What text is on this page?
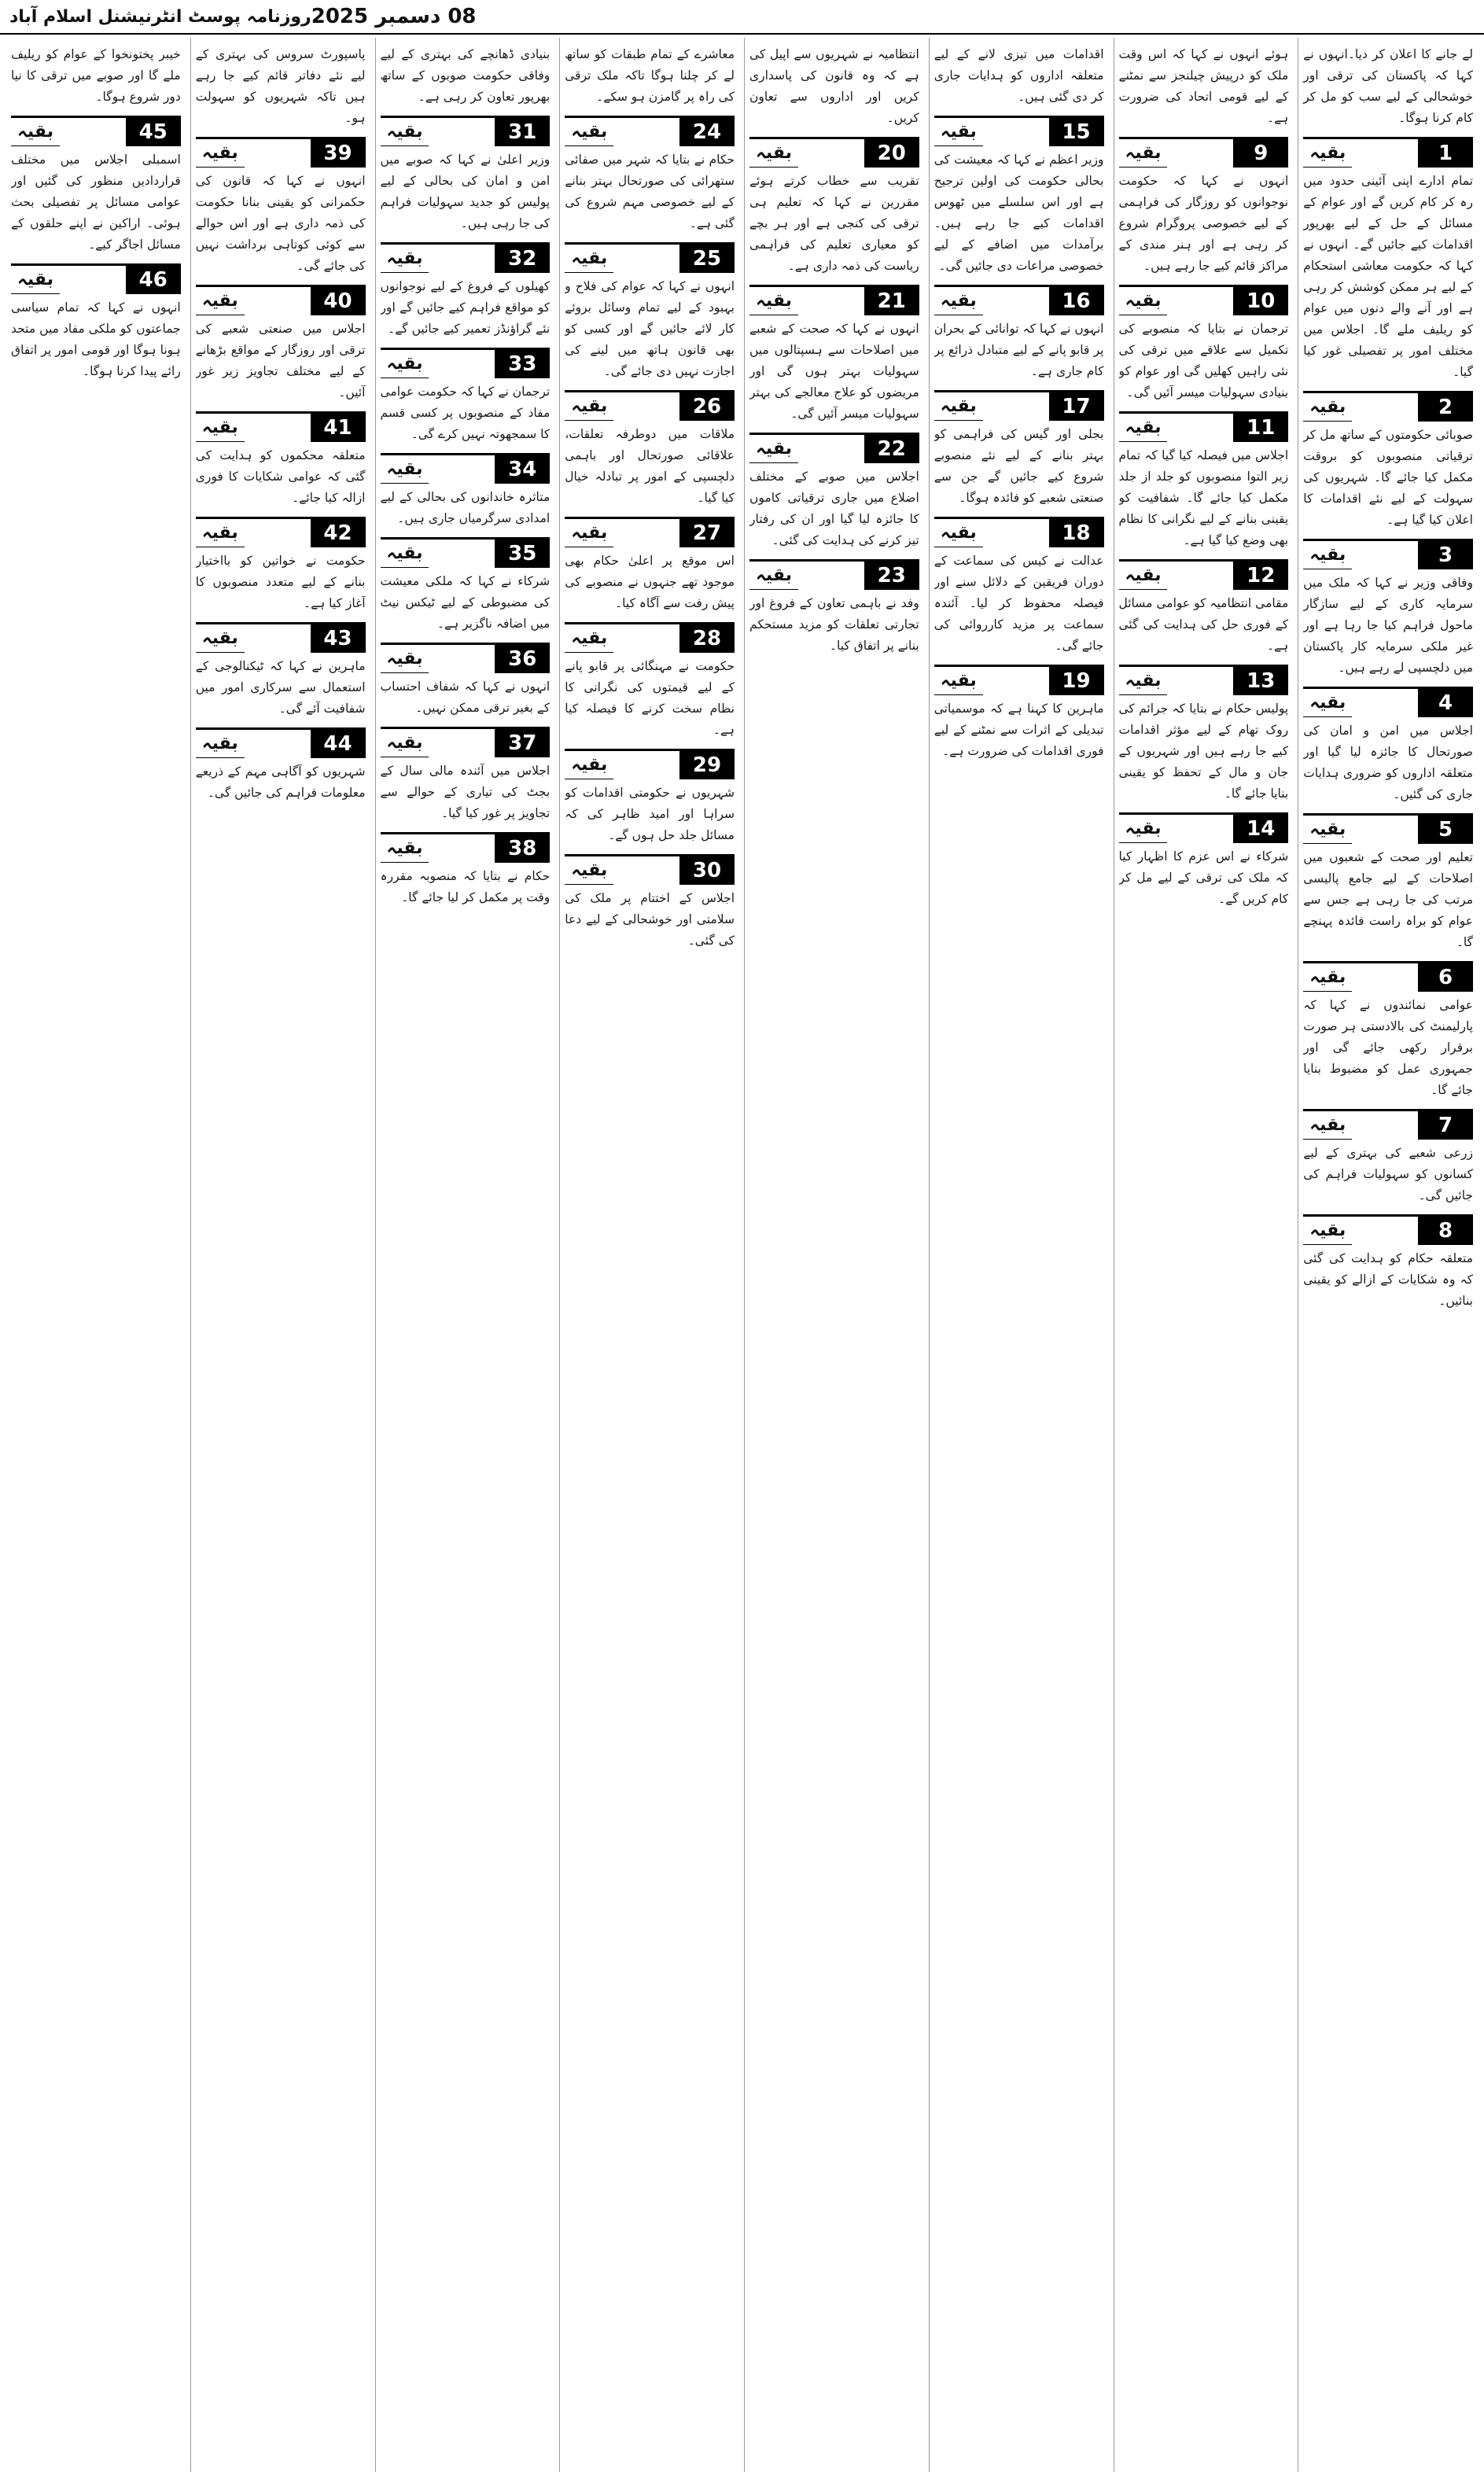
روزنامہ پوسٹ انٹرنیشنل اسلام آباد 08 دسمبر 2025
لے جانے کا اعلان کر دیا۔انہوں نے کہا کہ پاکستان کی ترقی اور خوشحالی کے لیے سب کو مل کر کام کرنا ہوگا۔
بقیہ	1
تمام ادارے اپنی آئینی حدود میں رہ کر کام کریں گے اور عوام کے مسائل کے حل کے لیے بھرپور اقدامات کیے جائیں گے۔ انہوں نے کہا کہ حکومت معاشی استحکام کے لیے ہر ممکن کوشش کر رہی ہے اور آنے والے دنوں میں عوام کو ریلیف ملے گا۔ اجلاس میں مختلف امور پر تفصیلی غور کیا گیا۔
بقیہ	2
صوبائی حکومتوں کے ساتھ مل کر ترقیاتی منصوبوں کو بروقت مکمل کیا جائے گا۔ شہریوں کی سہولت کے لیے نئے اقدامات کا اعلان کیا گیا ہے۔
بقیہ	3
وفاقی وزیر نے کہا کہ ملک میں سرمایہ کاری کے لیے سازگار ماحول فراہم کیا جا رہا ہے اور غیر ملکی سرمایہ کار پاکستان میں دلچسپی لے رہے ہیں۔
بقیہ	4
اجلاس میں امن و امان کی صورتحال کا جائزہ لیا گیا اور متعلقہ اداروں کو ضروری ہدایات جاری کی گئیں۔
بقیہ	5
تعلیم اور صحت کے شعبوں میں اصلاحات کے لیے جامع پالیسی مرتب کی جا رہی ہے جس سے عوام کو براہ راست فائدہ پہنچے گا۔
بقیہ	6
عوامی نمائندوں نے کہا کہ پارلیمنٹ کی بالادستی ہر صورت برقرار رکھی جائے گی اور جمہوری عمل کو مضبوط بنایا جائے گا۔
بقیہ	7
زرعی شعبے کی بہتری کے لیے کسانوں کو سہولیات فراہم کی جائیں گی۔
بقیہ	8
متعلقہ حکام کو ہدایت کی گئی کہ وہ شکایات کے ازالے کو یقینی بنائیں۔
ہوئے انہوں نے کہا کہ اس وقت ملک کو درپیش چیلنجز سے نمٹنے کے لیے قومی اتحاد کی ضرورت ہے۔
بقیہ	9
انہوں نے کہا کہ حکومت نوجوانوں کو روزگار کی فراہمی کے لیے خصوصی پروگرام شروع کر رہی ہے اور ہنر مندی کے مراکز قائم کیے جا رہے ہیں۔
بقیہ	10
ترجمان نے بتایا کہ منصوبے کی تکمیل سے علاقے میں ترقی کی نئی راہیں کھلیں گی اور عوام کو بنیادی سہولیات میسر آئیں گی۔
بقیہ	11
اجلاس میں فیصلہ کیا گیا کہ تمام زیر التوا منصوبوں کو جلد از جلد مکمل کیا جائے گا۔ شفافیت کو یقینی بنانے کے لیے نگرانی کا نظام بھی وضع کیا گیا ہے۔
بقیہ	12
مقامی انتظامیہ کو عوامی مسائل کے فوری حل کی ہدایت کی گئی ہے۔
بقیہ	13
پولیس حکام نے بتایا کہ جرائم کی روک تھام کے لیے مؤثر اقدامات کیے جا رہے ہیں اور شہریوں کے جان و مال کے تحفظ کو یقینی بنایا جائے گا۔
بقیہ	14
شرکاء نے اس عزم کا اظہار کیا کہ ملک کی ترقی کے لیے مل کر کام کریں گے۔
اقدامات میں تیزی لانے کے لیے متعلقہ اداروں کو ہدایات جاری کر دی گئی ہیں۔
بقیہ	15
وزیر اعظم نے کہا کہ معیشت کی بحالی حکومت کی اولین ترجیح ہے اور اس سلسلے میں ٹھوس اقدامات کیے جا رہے ہیں۔ برآمدات میں اضافے کے لیے خصوصی مراعات دی جائیں گی۔
بقیہ	16
انہوں نے کہا کہ توانائی کے بحران پر قابو پانے کے لیے متبادل ذرائع پر کام جاری ہے۔
بقیہ	17
بجلی اور گیس کی فراہمی کو بہتر بنانے کے لیے نئے منصوبے شروع کیے جائیں گے جن سے صنعتی شعبے کو فائدہ ہوگا۔
بقیہ	18
عدالت نے کیس کی سماعت کے دوران فریقین کے دلائل سنے اور فیصلہ محفوظ کر لیا۔ آئندہ سماعت پر مزید کارروائی کی جائے گی۔
بقیہ	19
ماہرین کا کہنا ہے کہ موسمیاتی تبدیلی کے اثرات سے نمٹنے کے لیے فوری اقدامات کی ضرورت ہے۔
انتظامیہ نے شہریوں سے اپیل کی ہے کہ وہ قانون کی پاسداری کریں اور اداروں سے تعاون کریں۔
بقیہ	20
تقریب سے خطاب کرتے ہوئے مقررین نے کہا کہ تعلیم ہی ترقی کی کنجی ہے اور ہر بچے کو معیاری تعلیم کی فراہمی ریاست کی ذمہ داری ہے۔
بقیہ	21
انہوں نے کہا کہ صحت کے شعبے میں اصلاحات سے ہسپتالوں میں سہولیات بہتر ہوں گی اور مریضوں کو علاج معالجے کی بہتر سہولیات میسر آئیں گی۔
بقیہ	22
اجلاس میں صوبے کے مختلف اضلاع میں جاری ترقیاتی کاموں کا جائزہ لیا گیا اور ان کی رفتار تیز کرنے کی ہدایت کی گئی۔
بقیہ	23
وفد نے باہمی تعاون کے فروغ اور تجارتی تعلقات کو مزید مستحکم بنانے پر اتفاق کیا۔
معاشرے کے تمام طبقات کو ساتھ لے کر چلنا ہوگا تاکہ ملک ترقی کی راہ پر گامزن ہو سکے۔
بقیہ	24
حکام نے بتایا کہ شہر میں صفائی ستھرائی کی صورتحال بہتر بنانے کے لیے خصوصی مہم شروع کی گئی ہے۔
بقیہ	25
انہوں نے کہا کہ عوام کی فلاح و بہبود کے لیے تمام وسائل بروئے کار لائے جائیں گے اور کسی کو بھی قانون ہاتھ میں لینے کی اجازت نہیں دی جائے گی۔
بقیہ	26
ملاقات میں دوطرفہ تعلقات، علاقائی صورتحال اور باہمی دلچسپی کے امور پر تبادلہ خیال کیا گیا۔
بقیہ	27
اس موقع پر اعلیٰ حکام بھی موجود تھے جنہوں نے منصوبے کی پیش رفت سے آگاہ کیا۔
بقیہ	28
حکومت نے مہنگائی پر قابو پانے کے لیے قیمتوں کی نگرانی کا نظام سخت کرنے کا فیصلہ کیا ہے۔
بقیہ	29
شہریوں نے حکومتی اقدامات کو سراہا اور امید ظاہر کی کہ مسائل جلد حل ہوں گے۔
بقیہ	30
اجلاس کے اختتام پر ملک کی سلامتی اور خوشحالی کے لیے دعا کی گئی۔
بنیادی ڈھانچے کی بہتری کے لیے وفاقی حکومت صوبوں کے ساتھ بھرپور تعاون کر رہی ہے۔
بقیہ	31
وزیر اعلیٰ نے کہا کہ صوبے میں امن و امان کی بحالی کے لیے پولیس کو جدید سہولیات فراہم کی جا رہی ہیں۔
بقیہ	32
کھیلوں کے فروغ کے لیے نوجوانوں کو مواقع فراہم کیے جائیں گے اور نئے گراؤنڈز تعمیر کیے جائیں گے۔
بقیہ	33
ترجمان نے کہا کہ حکومت عوامی مفاد کے منصوبوں پر کسی قسم کا سمجھوتہ نہیں کرے گی۔
بقیہ	34
متاثرہ خاندانوں کی بحالی کے لیے امدادی سرگرمیاں جاری ہیں۔
بقیہ	35
شرکاء نے کہا کہ ملکی معیشت کی مضبوطی کے لیے ٹیکس نیٹ میں اضافہ ناگزیر ہے۔
بقیہ	36
انہوں نے کہا کہ شفاف احتساب کے بغیر ترقی ممکن نہیں۔
بقیہ	37
اجلاس میں آئندہ مالی سال کے بجٹ کی تیاری کے حوالے سے تجاویز پر غور کیا گیا۔
بقیہ	38
حکام نے بتایا کہ منصوبہ مقررہ وقت پر مکمل کر لیا جائے گا۔
پاسپورٹ سروس کی بہتری کے لیے نئے دفاتر قائم کیے جا رہے ہیں تاکہ شہریوں کو سہولت ہو۔
بقیہ	39
انہوں نے کہا کہ قانون کی حکمرانی کو یقینی بنانا حکومت کی ذمہ داری ہے اور اس حوالے سے کوئی کوتاہی برداشت نہیں کی جائے گی۔
بقیہ	40
اجلاس میں صنعتی شعبے کی ترقی اور روزگار کے مواقع بڑھانے کے لیے مختلف تجاویز زیر غور آئیں۔
بقیہ	41
متعلقہ محکموں کو ہدایت کی گئی کہ عوامی شکایات کا فوری ازالہ کیا جائے۔
بقیہ	42
حکومت نے خواتین کو بااختیار بنانے کے لیے متعدد منصوبوں کا آغاز کیا ہے۔
بقیہ	43
ماہرین نے کہا کہ ٹیکنالوجی کے استعمال سے سرکاری امور میں شفافیت آئے گی۔
بقیہ	44
شہریوں کو آگاہی مہم کے ذریعے معلومات فراہم کی جائیں گی۔
خیبر پختونخوا کے عوام کو ریلیف ملے گا اور صوبے میں ترقی کا نیا دور شروع ہوگا۔
بقیہ	45
اسمبلی اجلاس میں مختلف قراردادیں منظور کی گئیں اور عوامی مسائل پر تفصیلی بحث ہوئی۔ اراکین نے اپنے حلقوں کے مسائل اجاگر کیے۔
بقیہ	46
انہوں نے کہا کہ تمام سیاسی جماعتوں کو ملکی مفاد میں متحد ہونا ہوگا اور قومی امور پر اتفاق رائے پیدا کرنا ہوگا۔
